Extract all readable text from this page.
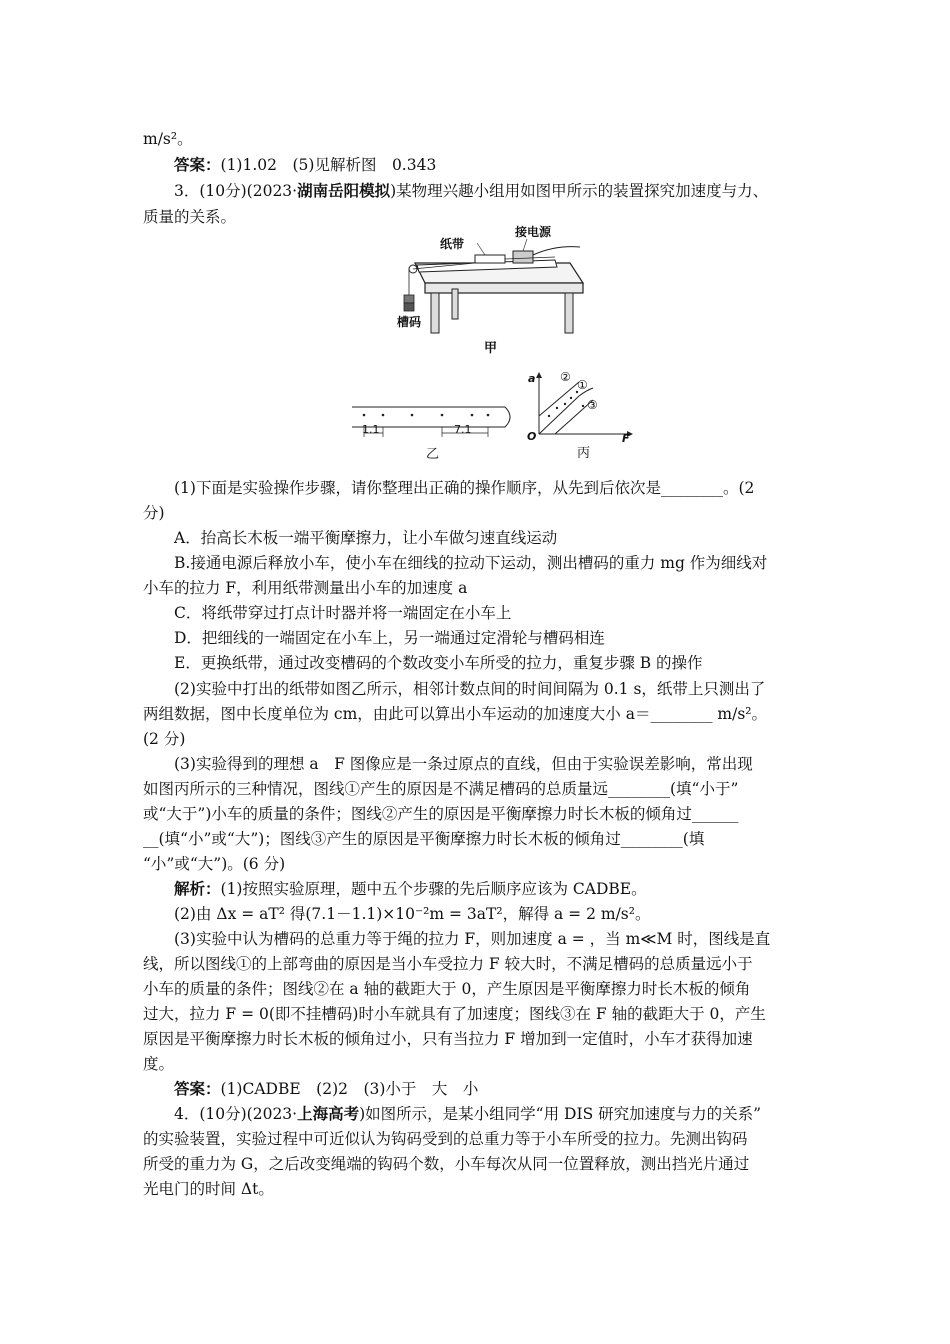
m/s²。
答案：(1)1.02　(5)见解析图　0.343
3．(10分)(2023·湖南岳阳模拟)某物理兴趣小组用如图甲所示的装置探究加速度与力、
质量的关系。
纸带
接电源
槽码
甲
1.1	7.1
乙
a
F
O
①
②
③
丙
(1)下面是实验操作步骤，请你整理出正确的操作顺序，从先到后依次是________。(2
分)
A．抬高长木板一端平衡摩擦力，让小车做匀速直线运动
B.接通电源后释放小车，使小车在细线的拉动下运动，测出槽码的重力 mg 作为细线对
小车的拉力 F，利用纸带测量出小车的加速度 a
C．将纸带穿过打点计时器并将一端固定在小车上
D．把细线的一端固定在小车上，另一端通过定滑轮与槽码相连
E．更换纸带，通过改变槽码的个数改变小车所受的拉力，重复步骤 B 的操作
(2)实验中打出的纸带如图乙所示，相邻计数点间的时间间隔为 0.1 s，纸带上只测出了
两组数据，图中长度单位为 cm，由此可以算出小车运动的加速度大小 a＝________ m/s²。
(2 分)
(3)实验得到的理想 a　F 图像应是一条过原点的直线，但由于实验误差影响，常出现
如图丙所示的三种情况，图线①产生的原因是不满足槽码的总质量远________(填“小于”
或“大于”)小车的质量的条件；图线②产生的原因是平衡摩擦力时长木板的倾角过______
__(填“小”或“大”)；图线③产生的原因是平衡摩擦力时长木板的倾角过________(填
“小”或“大”)。(6 分)
解析：(1)按照实验原理，题中五个步骤的先后顺序应该为 CADBE。
(2)由 Δx = aT² 得(7.1－1.1)×10⁻²m = 3aT²，解得 a = 2 m/s²。
(3)实验中认为槽码的总重力等于绳的拉力 F，则加速度 a = ，当 m≪M 时，图线是直
线，所以图线①的上部弯曲的原因是当小车受拉力 F 较大时，不满足槽码的总质量远小于
小车的质量的条件；图线②在 a 轴的截距大于 0，产生原因是平衡摩擦力时长木板的倾角
过大，拉力 F = 0(即不挂槽码)时小车就具有了加速度；图线③在 F 轴的截距大于 0，产生
原因是平衡摩擦力时长木板的倾角过小，只有当拉力 F 增加到一定值时，小车才获得加速
度。
答案：(1)CADBE　(2)2　(3)小于　大　小
4．(10分)(2023·上海高考)如图所示，是某小组同学“用 DIS 研究加速度与力的关系”
的实验装置，实验过程中可近似认为钩码受到的总重力等于小车所受的拉力。先测出钩码
所受的重力为 G，之后改变绳端的钩码个数，小车每次从同一位置释放，测出挡光片通过
光电门的时间 Δt。
